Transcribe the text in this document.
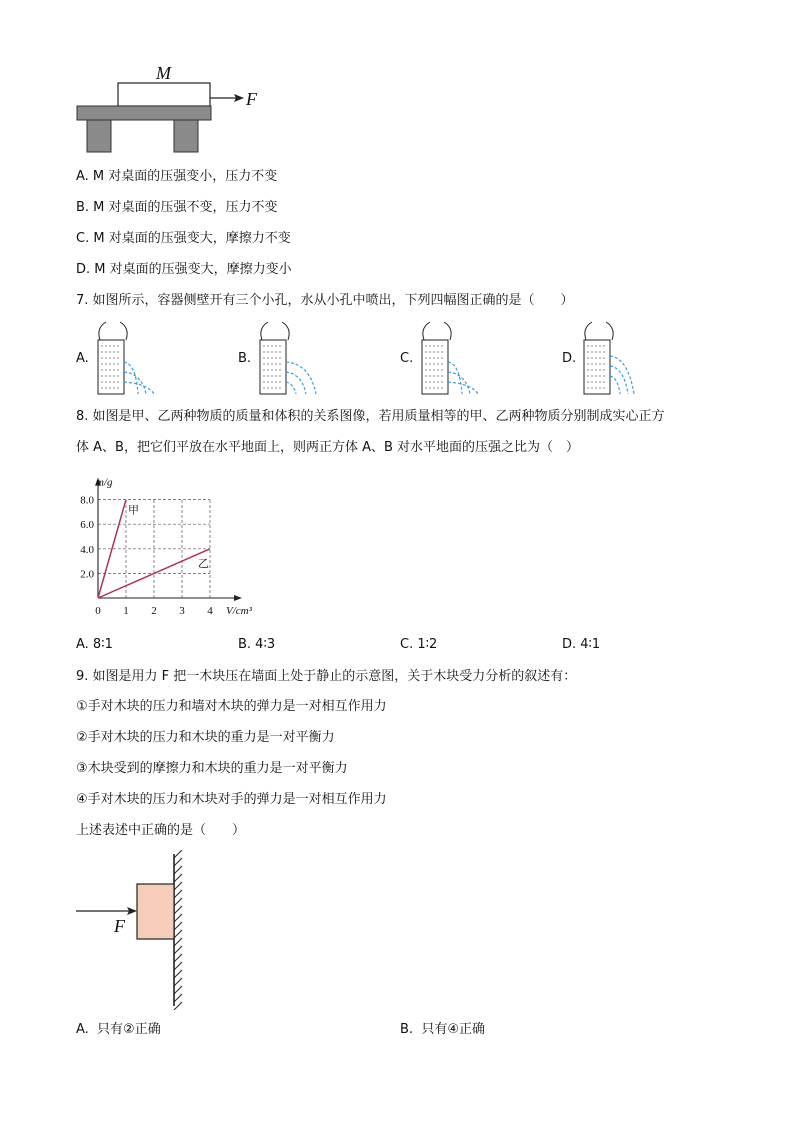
M
F
A. M 对桌面的压强变小，压力不变
B. M 对桌面的压强不变，压力不变
C. M 对桌面的压强变大，摩擦力不变
D. M 对桌面的压强变大，摩擦力变小
7. 如图所示，容器侧壁开有三个小孔，水从小孔中喷出，下列四幅图正确的是（　　）
A.	B.	C.	D.
8. 如图是甲、乙两种物质的质量和体积的关系图像，若用质量相等的甲、乙两种物质分别制成实心正方
体 A、B，把它们平放在水平地面上，则两正方体 A、B 对水平地面的压强之比为（　）
2.0
4.0
6.0
8.0
0 1 2 3 4
m/g
V/cm³
甲
乙
A. 8∶1	B. 4∶3	C. 1∶2	D. 4∶1
9. 如图是用力 F 把一木块压在墙面上处于静止的示意图，关于木块受力分析的叙述有：
①手对木块的压力和墙对木块的弹力是一对相互作用力
②手对木块的压力和木块的重力是一对平衡力
③木块受到的摩擦力和木块的重力是一对平衡力
④手对木块的压力和木块对手的弹力是一对相互作用力
上述表述中正确的是（　　）
F
A.  只有②正确	B.  只有④正确
